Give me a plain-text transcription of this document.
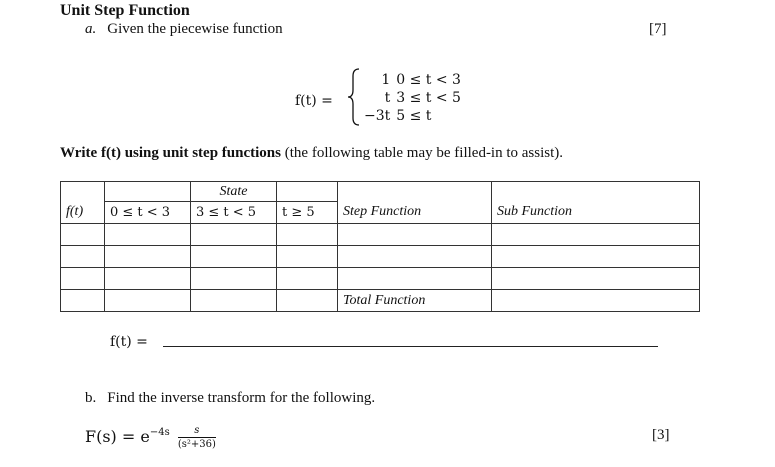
Unit Step Function
a. Given the piecewise function	[7]
f(t) =
1	0 ≤ t < 3
t	3 ≤ t < 5
−3t	5 ≤ t
Write f(t) using unit step functions (the following table may be filled-in to assist).
		State			
f(t)	0 ≤ t < 3	3 ≤ t < 5	t ≥ 5	Step Function	Sub Function

				Total Function	
f(t) =
b. Find the inverse transform for the following.
[3]
$F(s) = e^{-4s} \frac{s}{\text{(s²+36)}}$
